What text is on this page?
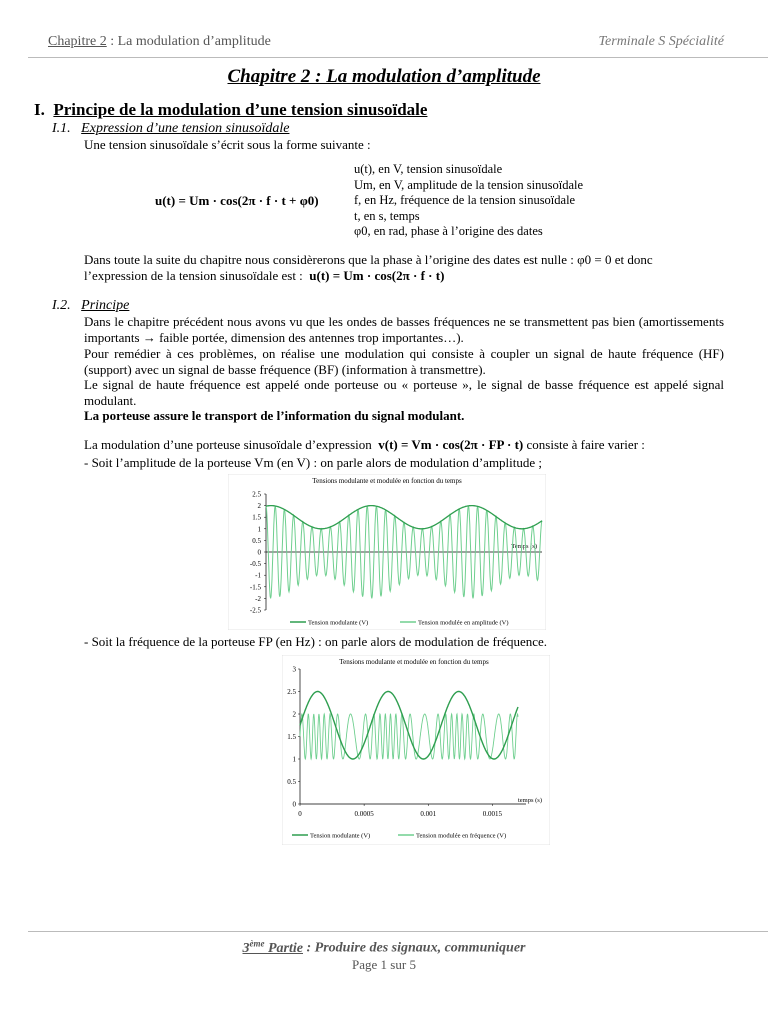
Chapitre 2 : La modulation d’amplitude	Terminale S Spécialité
Chapitre 2 : La modulation d’amplitude
I. Principe de la modulation d’une tension sinusoïdale
I.1. Expression d’une tension sinusoïdale
Une tension sinusoïdale s’écrit sous la forme suivante :
u(t) = Um · cos(2π · f · t + φ0)
u(t), en V, tension sinusoïdale
Um, en V, amplitude de la tension sinusoïdale
f, en Hz, fréquence de la tension sinusoïdale
t, en s, temps
φ0, en rad, phase à l’origine des dates
Dans toute la suite du chapitre nous considèrerons que la phase à l’origine des dates est nulle : φ0 = 0 et donc
l’expression de la tension sinusoïdale est : u(t) = Um · cos(2π · f · t)
I.2. Principe
Dans le chapitre précédent nous avons vu que les ondes de basses fréquences ne se transmettent pas bien (amortissements importants → faible portée, dimension des antennes trop importantes…).
Pour remédier à ces problèmes, on réalise une modulation qui consiste à coupler un signal de haute fréquence (HF) (support) avec un signal de basse fréquence (BF) (information à transmettre).
Le signal de haute fréquence est appelé onde porteuse ou « porteuse », le signal de basse fréquence est appelé signal modulant.
La porteuse assure le transport de l’information du signal modulant.
La modulation d’une porteuse sinusoïdale d’expression v(t) = Vm · cos(2π · FP · t) consiste à faire varier :
- Soit l’amplitude de la porteuse Vm (en V) : on parle alors de modulation d’amplitude ;
Tensions modulante et modulée en fonction du temps
2.5
2
1.5
1
0.5
0
-0.5
-1
-1.5
-2
-2.5
Temps (s)
Tension modulante (V)	Tension modulée en amplitude (V)
- Soit la fréquence de la porteuse FP (en Hz) : on parle alors de modulation de fréquence.
Tensions modulante et modulée en fonction du temps
3
2.5
2
1.5
1
0.5
0
0	0.0005	0.001	0.0015
temps (s)
Tension modulante (V)	Tension modulée en fréquence (V)
3ème Partie : Produire des signaux, communiquer
Page 1 sur 5
